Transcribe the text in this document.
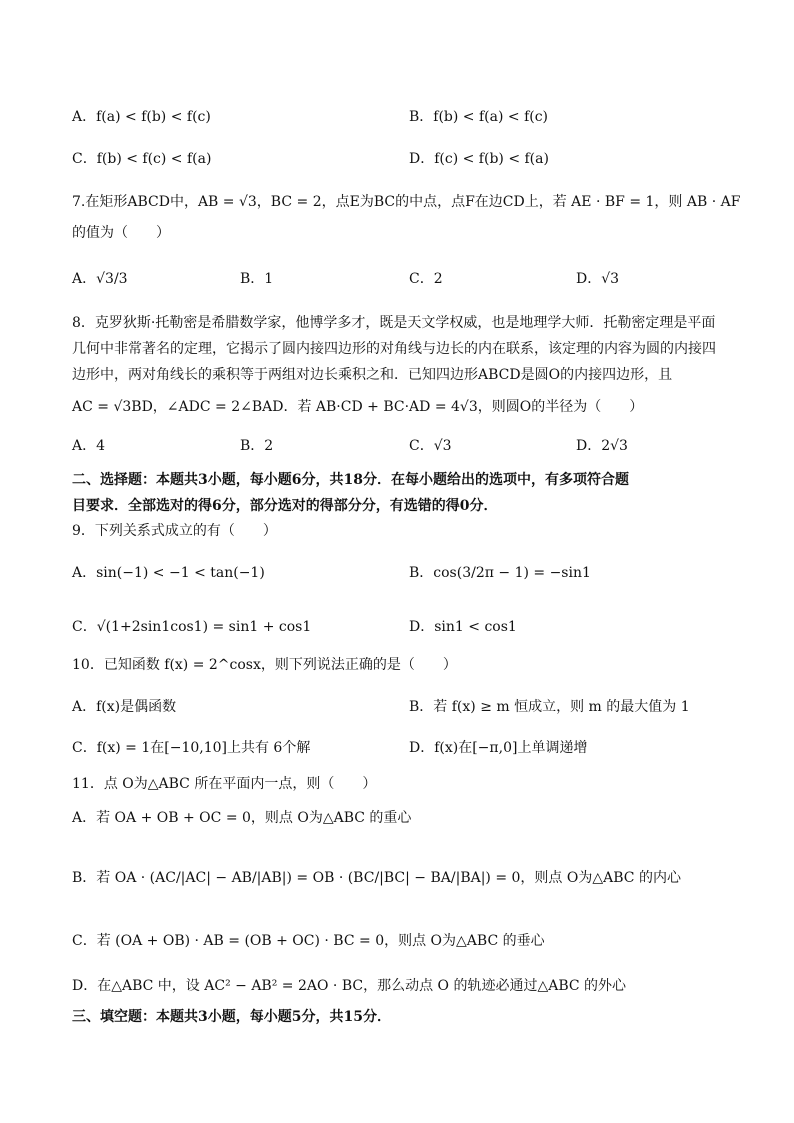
A．f(a) < f(b) < f(c)	B．f(b) < f(a) < f(c)
C．f(b) < f(c) < f(a)	D．f(c) < f(b) < f(a)
7.在矩形ABCD中，AB = √3，BC = 2，点E为BC的中点，点F在边CD上，若 AE · BF = 1，则 AB · AF
的值为（　　）
A．√3/3	B．1	C．2	D．√3
8．克罗狄斯·托勒密是希腊数学家，他博学多才，既是天文学权威，也是地理学大师．托勒密定理是平面
几何中非常著名的定理，它揭示了圆内接四边形的对角线与边长的内在联系，该定理的内容为圆的内接四
边形中，两对角线长的乘积等于两组对边长乘积之和．已知四边形ABCD是圆O的内接四边形，且
AC = √3BD，∠ADC = 2∠BAD．若 AB·CD + BC·AD = 4√3，则圆O的半径为（　　）
A．4	B．2	C．√3	D．2√3
二、选择题：本题共3小题，每小题6分，共18分．在每小题给出的选项中，有多项符合题
目要求．全部选对的得6分，部分选对的得部分分，有选错的得0分．
9．下列关系式成立的有（　　）
A．sin(−1) < −1 < tan(−1)	B．cos(3/2π − 1) = −sin1
C．√(1+2sin1cos1) = sin1 + cos1	D．sin1 < cos1
10．已知函数 f(x) = 2^cosx，则下列说法正确的是（　　）
A．f(x)是偶函数	B．若 f(x) ≥ m 恒成立，则 m 的最大值为 1
C．f(x) = 1在[−10,10]上共有 6个解	D．f(x)在[−π,0]上单调递增
11．点 O为△ABC 所在平面内一点，则（　　）
A．若 OA + OB + OC = 0，则点 O为△ABC 的重心
B．若 OA · (AC/|AC| − AB/|AB|) = OB · (BC/|BC| − BA/|BA|) = 0，则点 O为△ABC 的内心
C．若 (OA + OB) · AB = (OB + OC) · BC = 0，则点 O为△ABC 的垂心
D．在△ABC 中，设 AC² − AB² = 2AO · BC，那么动点 O 的轨迹必通过△ABC 的外心
三、填空题：本题共3小题，每小题5分，共15分．
